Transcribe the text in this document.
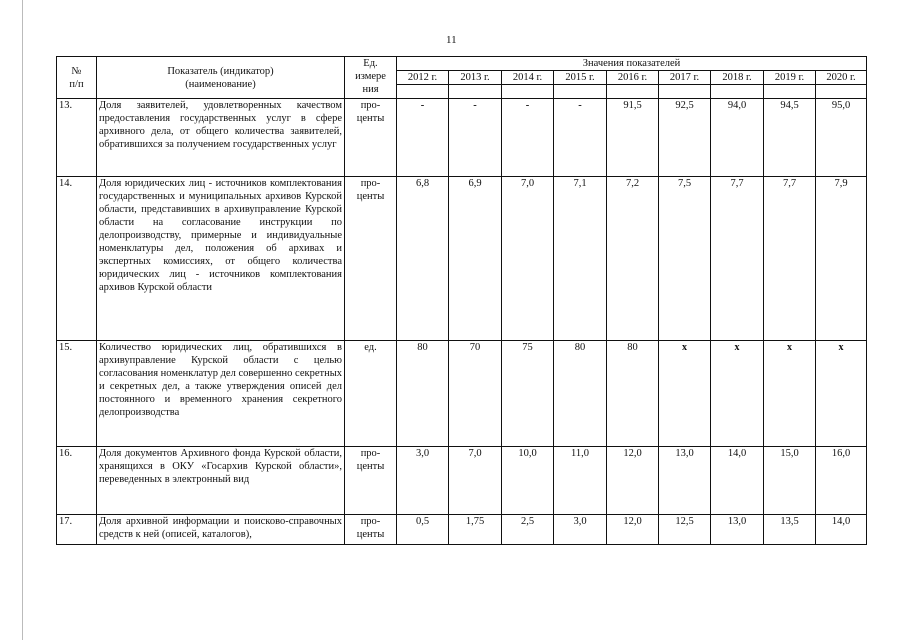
11
№
п/п	Показатель (индикатор)
(наименование)	Ед.
измере
ния	Значения показателей								
			2012 г.	2013 г.	2014 г.	2015 г.	2016 г.	2017 г.	2018 г.	2019 г.	2020 г.

13.	Доля заявителей, удовлетворенных качеством предоставления государственных услуг в сфере архивного дела, от общего количества заявителей, обратившихся за получением государственных услуг	про-
центы	-	-	-	-	91,5	92,5	94,0	94,5	95,0
14.	Доля юридических лиц - источников комплектования государственных и муниципальных архивов Курской области, представивших в архивуправление Курской области на согласование инструкции по делопроизводству, примерные и индивидуальные номенклатуры дел, положения об архивах и экспертных комиссиях, от общего количества юридических лиц - источников комплектования архивов Курской области	про-
центы	6,8	6,9	7,0	7,1	7,2	7,5	7,7	7,7	7,9
15.	Количество юридических лиц, обратившихся в архивуправление Курской области с целью согласования номенклатур дел совершенно секретных и секретных дел, а также утверждения описей дел постоянного и временного хранения секретного делопроизводства	ед.	80	70	75	80	80	х	х	х	х
16.	Доля документов Архивного фонда Курской области, хранящихся в ОКУ «Госархив Курской области», переведенных в электронный вид	про-
центы	3,0	7,0	10,0	11,0	12,0	13,0	14,0	15,0	16,0
17.	Доля архивной информации и поисково-справочных средств к ней (описей, каталогов),	про-
центы	0,5	1,75	2,5	3,0	12,0	12,5	13,0	13,5	14,0
